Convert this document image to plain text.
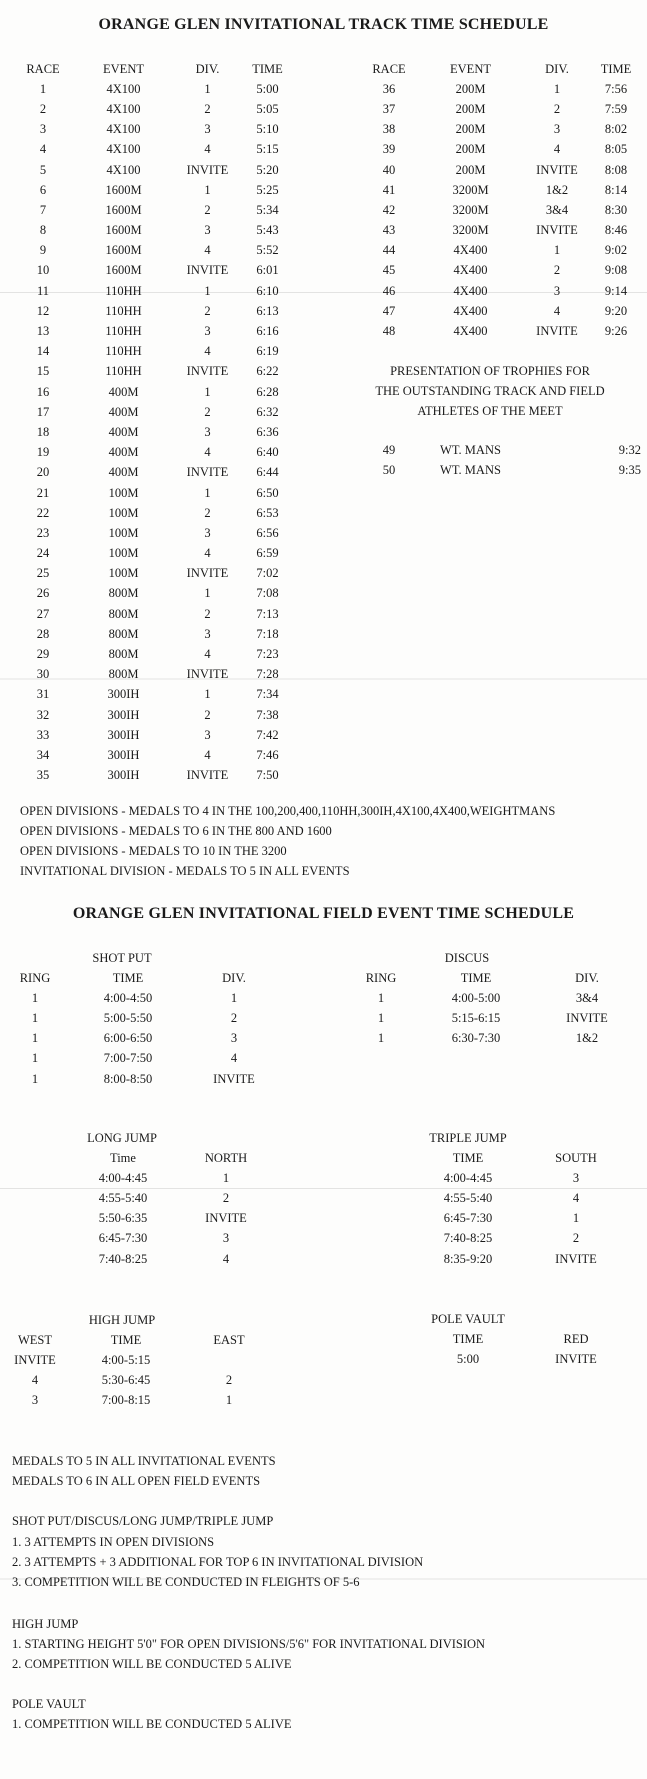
ORANGE GLEN INVITATIONAL TRACK TIME SCHEDULE
RACE	EVENT	DIV.	TIME
1	4X100	1	5:00
2	4X100	2	5:05
3	4X100	3	5:10
4	4X100	4	5:15
5	4X100	INVITE	5:20
6	1600M	1	5:25
7	1600M	2	5:34
8	1600M	3	5:43
9	1600M	4	5:52
10	1600M	INVITE	6:01
11	110HH	1	6:10
12	110HH	2	6:13
13	110HH	3	6:16
14	110HH	4	6:19
15	110HH	INVITE	6:22
16	400M	1	6:28
17	400M	2	6:32
18	400M	3	6:36
19	400M	4	6:40
20	400M	INVITE	6:44
21	100M	1	6:50
22	100M	2	6:53
23	100M	3	6:56
24	100M	4	6:59
25	100M	INVITE	7:02
26	800M	1	7:08
27	800M	2	7:13
28	800M	3	7:18
29	800M	4	7:23
30	800M	INVITE	7:28
31	300IH	1	7:34
32	300IH	2	7:38
33	300IH	3	7:42
34	300IH	4	7:46
35	300IH	INVITE	7:50
RACE	EVENT	DIV.	TIME
36	200M	1	7:56
37	200M	2	7:59
38	200M	3	8:02
39	200M	4	8:05
40	200M	INVITE	8:08
41	3200M	1&2	8:14
42	3200M	3&4	8:30
43	3200M	INVITE	8:46
44	4X400	1	9:02
45	4X400	2	9:08
46	4X400	3	9:14
47	4X400	4	9:20
48	4X400	INVITE	9:26
PRESENTATION OF TROPHIES FOR
THE OUTSTANDING TRACK AND FIELD
ATHLETES OF THE MEET
49	WT. MANS	9:32
50	WT. MANS	9:35
OPEN DIVISIONS - MEDALS TO 4 IN THE 100,200,400,110HH,300IH,4X100,4X400,WEIGHTMANS
OPEN DIVISIONS - MEDALS TO 6 IN THE 800 AND 1600
OPEN DIVISIONS - MEDALS TO 10 IN THE 3200
INVITATIONAL DIVISION - MEDALS TO 5 IN ALL EVENTS
ORANGE GLEN INVITATIONAL FIELD EVENT TIME SCHEDULE
SHOT PUT
RING	TIME	DIV.
1	4:00-4:50	1
1	5:00-5:50	2
1	6:00-6:50	3
1	7:00-7:50	4
1	8:00-8:50	INVITE
DISCUS
RING	TIME	DIV.
1	4:00-5:00	3&4
1	5:15-6:15	INVITE
1	6:30-7:30	1&2
LONG JUMP
Time	NORTH
4:00-4:45	1
4:55-5:40	2
5:50-6:35	INVITE
6:45-7:30	3
7:40-8:25	4
TRIPLE JUMP
TIME	SOUTH
4:00-4:45	3
4:55-5:40	4
6:45-7:30	1
7:40-8:25	2
8:35-9:20	INVITE
HIGH JUMP
WEST	TIME	EAST
INVITE	4:00-5:15	
4	5:30-6:45	2
3	7:00-8:15	1
POLE VAULT
TIME	RED
5:00	INVITE
MEDALS TO 5 IN ALL INVITATIONAL EVENTS
MEDALS TO 6 IN ALL OPEN FIELD EVENTS
SHOT PUT/DISCUS/LONG JUMP/TRIPLE JUMP
1. 3 ATTEMPTS IN OPEN DIVISIONS
2. 3 ATTEMPTS + 3 ADDITIONAL FOR TOP 6 IN INVITATIONAL DIVISION
3. COMPETITION WILL BE CONDUCTED IN FLEIGHTS OF 5-6
HIGH JUMP
1. STARTING HEIGHT 5'0" FOR OPEN DIVISIONS/5'6" FOR INVITATIONAL DIVISION
2. COMPETITION WILL BE CONDUCTED 5 ALIVE
POLE VAULT
1. COMPETITION WILL BE CONDUCTED 5 ALIVE
